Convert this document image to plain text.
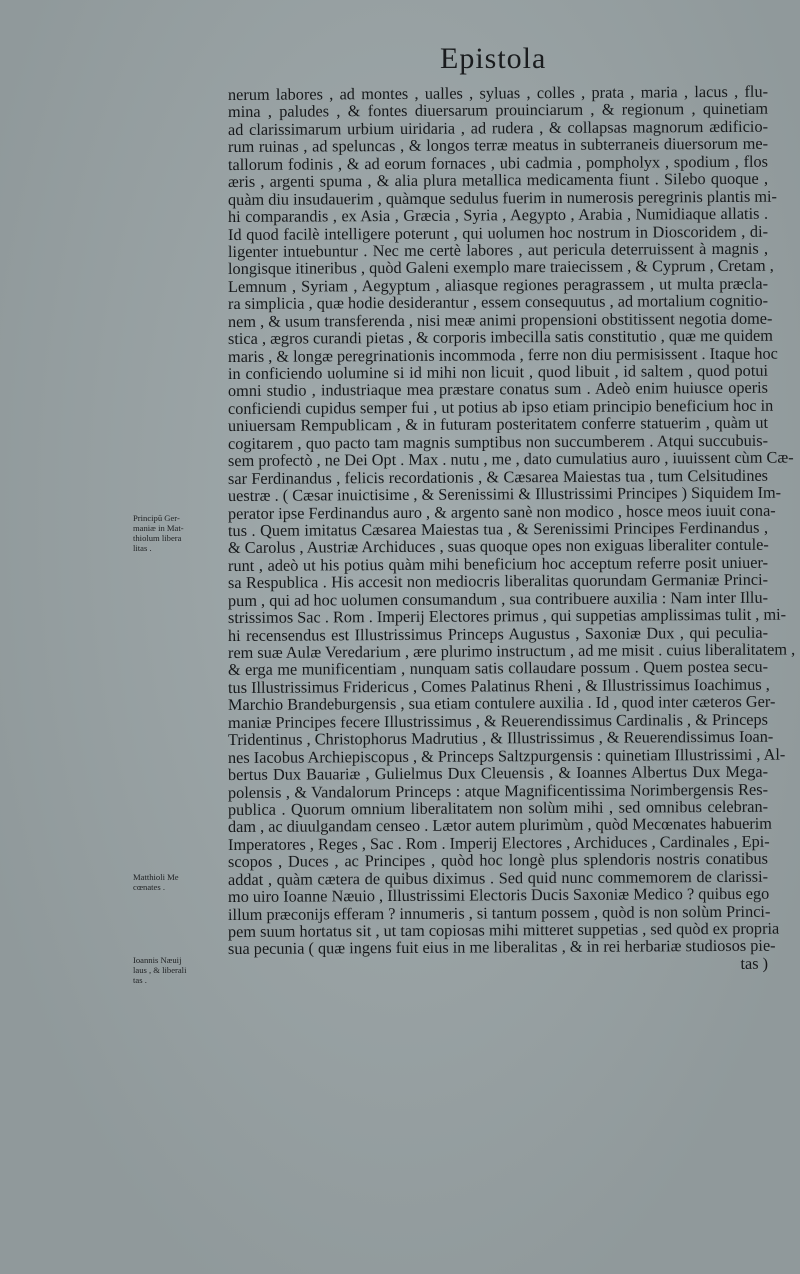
Epistola
nerum labores , ad montes , ualles , syluas , colles , prata , maria , lacus , flu-
mina , paludes , & fontes diuersarum prouinciarum , & regionum , quinetiam
ad clarissimarum urbium uiridaria , ad rudera , & collapsas magnorum ædificio-
rum ruinas , ad speluncas , & longos terræ meatus in subterraneis diuersorum me-
tallorum fodinis , & ad eorum fornaces , ubi cadmia , pompholyx , spodium , flos
æris , argenti spuma , & alia plura metallica medicamenta fiunt . Silebo quoque ,
quàm diu insudauerim , quàmque sedulus fuerim in numerosis peregrinis plantis mi-
hi comparandis , ex Asia , Græcia , Syria , Aegypto , Arabia , Numidiaque allatis .
Id quod facilè intelligere poterunt , qui uolumen hoc nostrum in Dioscoridem , di-
ligenter intuebuntur . Nec me certè labores , aut pericula deterruissent à magnis ,
longisque itineribus , quòd Galeni exemplo mare traiecissem , & Cyprum , Cretam ,
Lemnum , Syriam , Aegyptum , aliasque regiones peragrassem , ut multa præcla-
ra simplicia , quæ hodie desiderantur , essem consequutus , ad mortalium cognitio-
nem , & usum transferenda , nisi meæ animi propensioni obstitissent negotia dome-
stica , ægros curandi pietas , & corporis imbecilla satis constitutio , quæ me quidem
maris , & longæ peregrinationis incommoda , ferre non diu permisissent . Itaque hoc
in conficiendo uolumine si id mihi non licuit , quod libuit , id saltem , quod potui
omni studio , industriaque mea præstare conatus sum . Adeò enim huiusce operis
conficiendi cupidus semper fui , ut potius ab ipso etiam principio beneficium hoc in
uniuersam Rempublicam , & in futuram posteritatem conferre statuerim , quàm ut
cogitarem , quo pacto tam magnis sumptibus non succumberem . Atqui succubuis-
sem profectò , ne Dei Opt . Max . nutu , me , dato cumulatius auro , iuuissent cùm Cæ-
sar Ferdinandus , felicis recordationis , & Cæsarea Maiestas tua , tum Celsitudines
uestræ . ( Cæsar inuictisime , & Serenissimi & Illustrissimi Principes ) Siquidem Im-
perator ipse Ferdinandus auro , & argento sanè non modico , hosce meos iuuit cona-
tus . Quem imitatus Cæsarea Maiestas tua , & Serenissimi Principes Ferdinandus ,
& Carolus , Austriæ Archiduces , suas quoque opes non exiguas liberaliter contule-
runt , adeò ut his potius quàm mihi beneficium hoc acceptum referre posit uniuer-
sa Respublica . His accesit non mediocris liberalitas quorundam Germaniæ Princi-
pum , qui ad hoc uolumen consumandum , sua contribuere auxilia : Nam inter Illu-
strissimos Sac . Rom . Imperij Electores primus , qui suppetias amplissimas tulit , mi-
hi recensendus est Illustrissimus Princeps Augustus , Saxoniæ Dux , qui peculia-
rem suæ Aulæ Veredarium , ære plurimo instructum , ad me misit . cuius liberalitatem ,
& erga me munificentiam , nunquam satis collaudare possum . Quem postea secu-
tus Illustrissimus Fridericus , Comes Palatinus Rheni , & Illustrissimus Ioachimus ,
Marchio Brandeburgensis , sua etiam contulere auxilia . Id , quod inter cæteros Ger-
maniæ Principes fecere Illustrissimus , & Reuerendissimus Cardinalis , & Princeps
Tridentinus , Christophorus Madrutius , & Illustrissimus , & Reuerendissimus Ioan-
nes Iacobus Archiepiscopus , & Princeps Saltzpurgensis : quinetiam Illustrissimi , Al-
bertus Dux Bauariæ , Gulielmus Dux Cleuensis , & Ioannes Albertus Dux Mega-
polensis , & Vandalorum Princeps : atque Magnificentissima Norimbergensis Res-
publica . Quorum omnium liberalitatem non solùm mihi , sed omnibus celebran-
dam , ac diuulgandam censeo . Lætor autem plurimùm , quòd Mecœnates habuerim
Imperatores , Reges , Sac . Rom . Imperij Electores , Archiduces , Cardinales , Epi-
scopos , Duces , ac Principes , quòd hoc longè plus splendoris nostris conatibus
addat , quàm cætera de quibus diximus . Sed quid nunc commemorem de clarissi-
mo uiro Ioanne Næuio , Illustrissimi Electoris Ducis Saxoniæ Medico ? quibus ego
illum præconijs efferam ? innumeris , si tantum possem , quòd is non solùm Princi-
pem suum hortatus sit , ut tam copiosas mihi mitteret suppetias , sed quòd ex propria
sua pecunia ( quæ ingens fuit eius in me liberalitas , & in rei herbariæ studiosos pie-
tas )
Principū Ger-
maniæ in Mat-
thiolum libera
litas .
Matthioli Me
cœnates .
Ioannis Næuij
laus , & liberali
tas .
